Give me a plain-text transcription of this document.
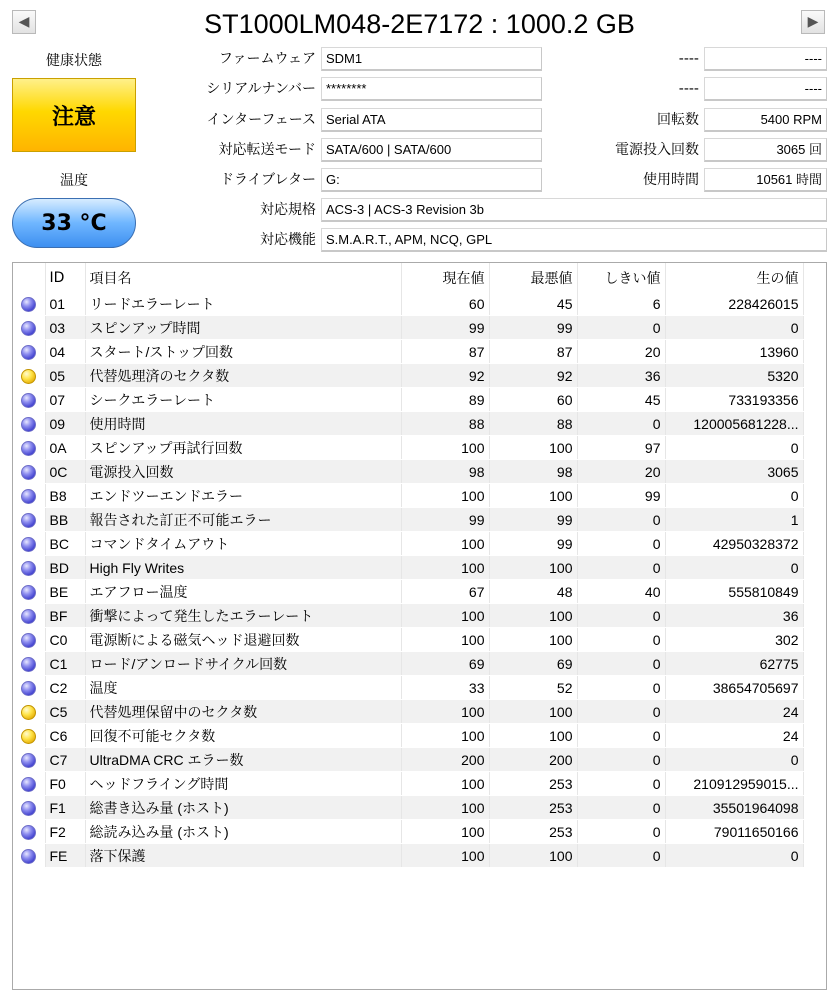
◀	ST1000LM048-2E7172 : 1000.2 GB	▶
健康状態
注意
温度
33 °C
ファームウェア SDM1
シリアルナンバー ********
インターフェース Serial ATA
対応転送モード SATA/600 | SATA/600
ドライブレター G:
対応規格 ACS-3 | ACS-3 Revision 3b
対応機能 S.M.A.R.T., APM, NCQ, GPL
----	----
----	----
回転数	5400 RPM
電源投入回数	3065 回
使用時間	10561 時間
	ID	項目名	現在値	最悪値	しきい値	生の値
	01	リードエラーレート	60	45	6	228426015
	03	スピンアップ時間	99	99	0	0
	04	スタート/ストップ回数	87	87	20	13960
	05	代替処理済のセクタ数	92	92	36	5320
	07	シークエラーレート	89	60	45	733193356
	09	使用時間	88	88	0	120005681228...
	0A	スピンアップ再試行回数	100	100	97	0
	0C	電源投入回数	98	98	20	3065
	B8	エンドツーエンドエラー	100	100	99	0
	BB	報告された訂正不可能エラー	99	99	0	1
	BC	コマンドタイムアウト	100	99	0	42950328372
	BD	High Fly Writes	100	100	0	0
	BE	エアフロー温度	67	48	40	555810849
	BF	衝撃によって発生したエラーレート	100	100	0	36
	C0	電源断による磁気ヘッド退避回数	100	100	0	302
	C1	ロード/アンロードサイクル回数	69	69	0	62775
	C2	温度	33	52	0	38654705697
	C5	代替処理保留中のセクタ数	100	100	0	24
	C6	回復不可能セクタ数	100	100	0	24
	C7	UltraDMA CRC エラー数	200	200	0	0
	F0	ヘッドフライング時間	100	253	0	210912959015...
	F1	総書き込み量 (ホスト)	100	253	0	35501964098
	F2	総読み込み量 (ホスト)	100	253	0	79011650166
	FE	落下保護	100	100	0	0
